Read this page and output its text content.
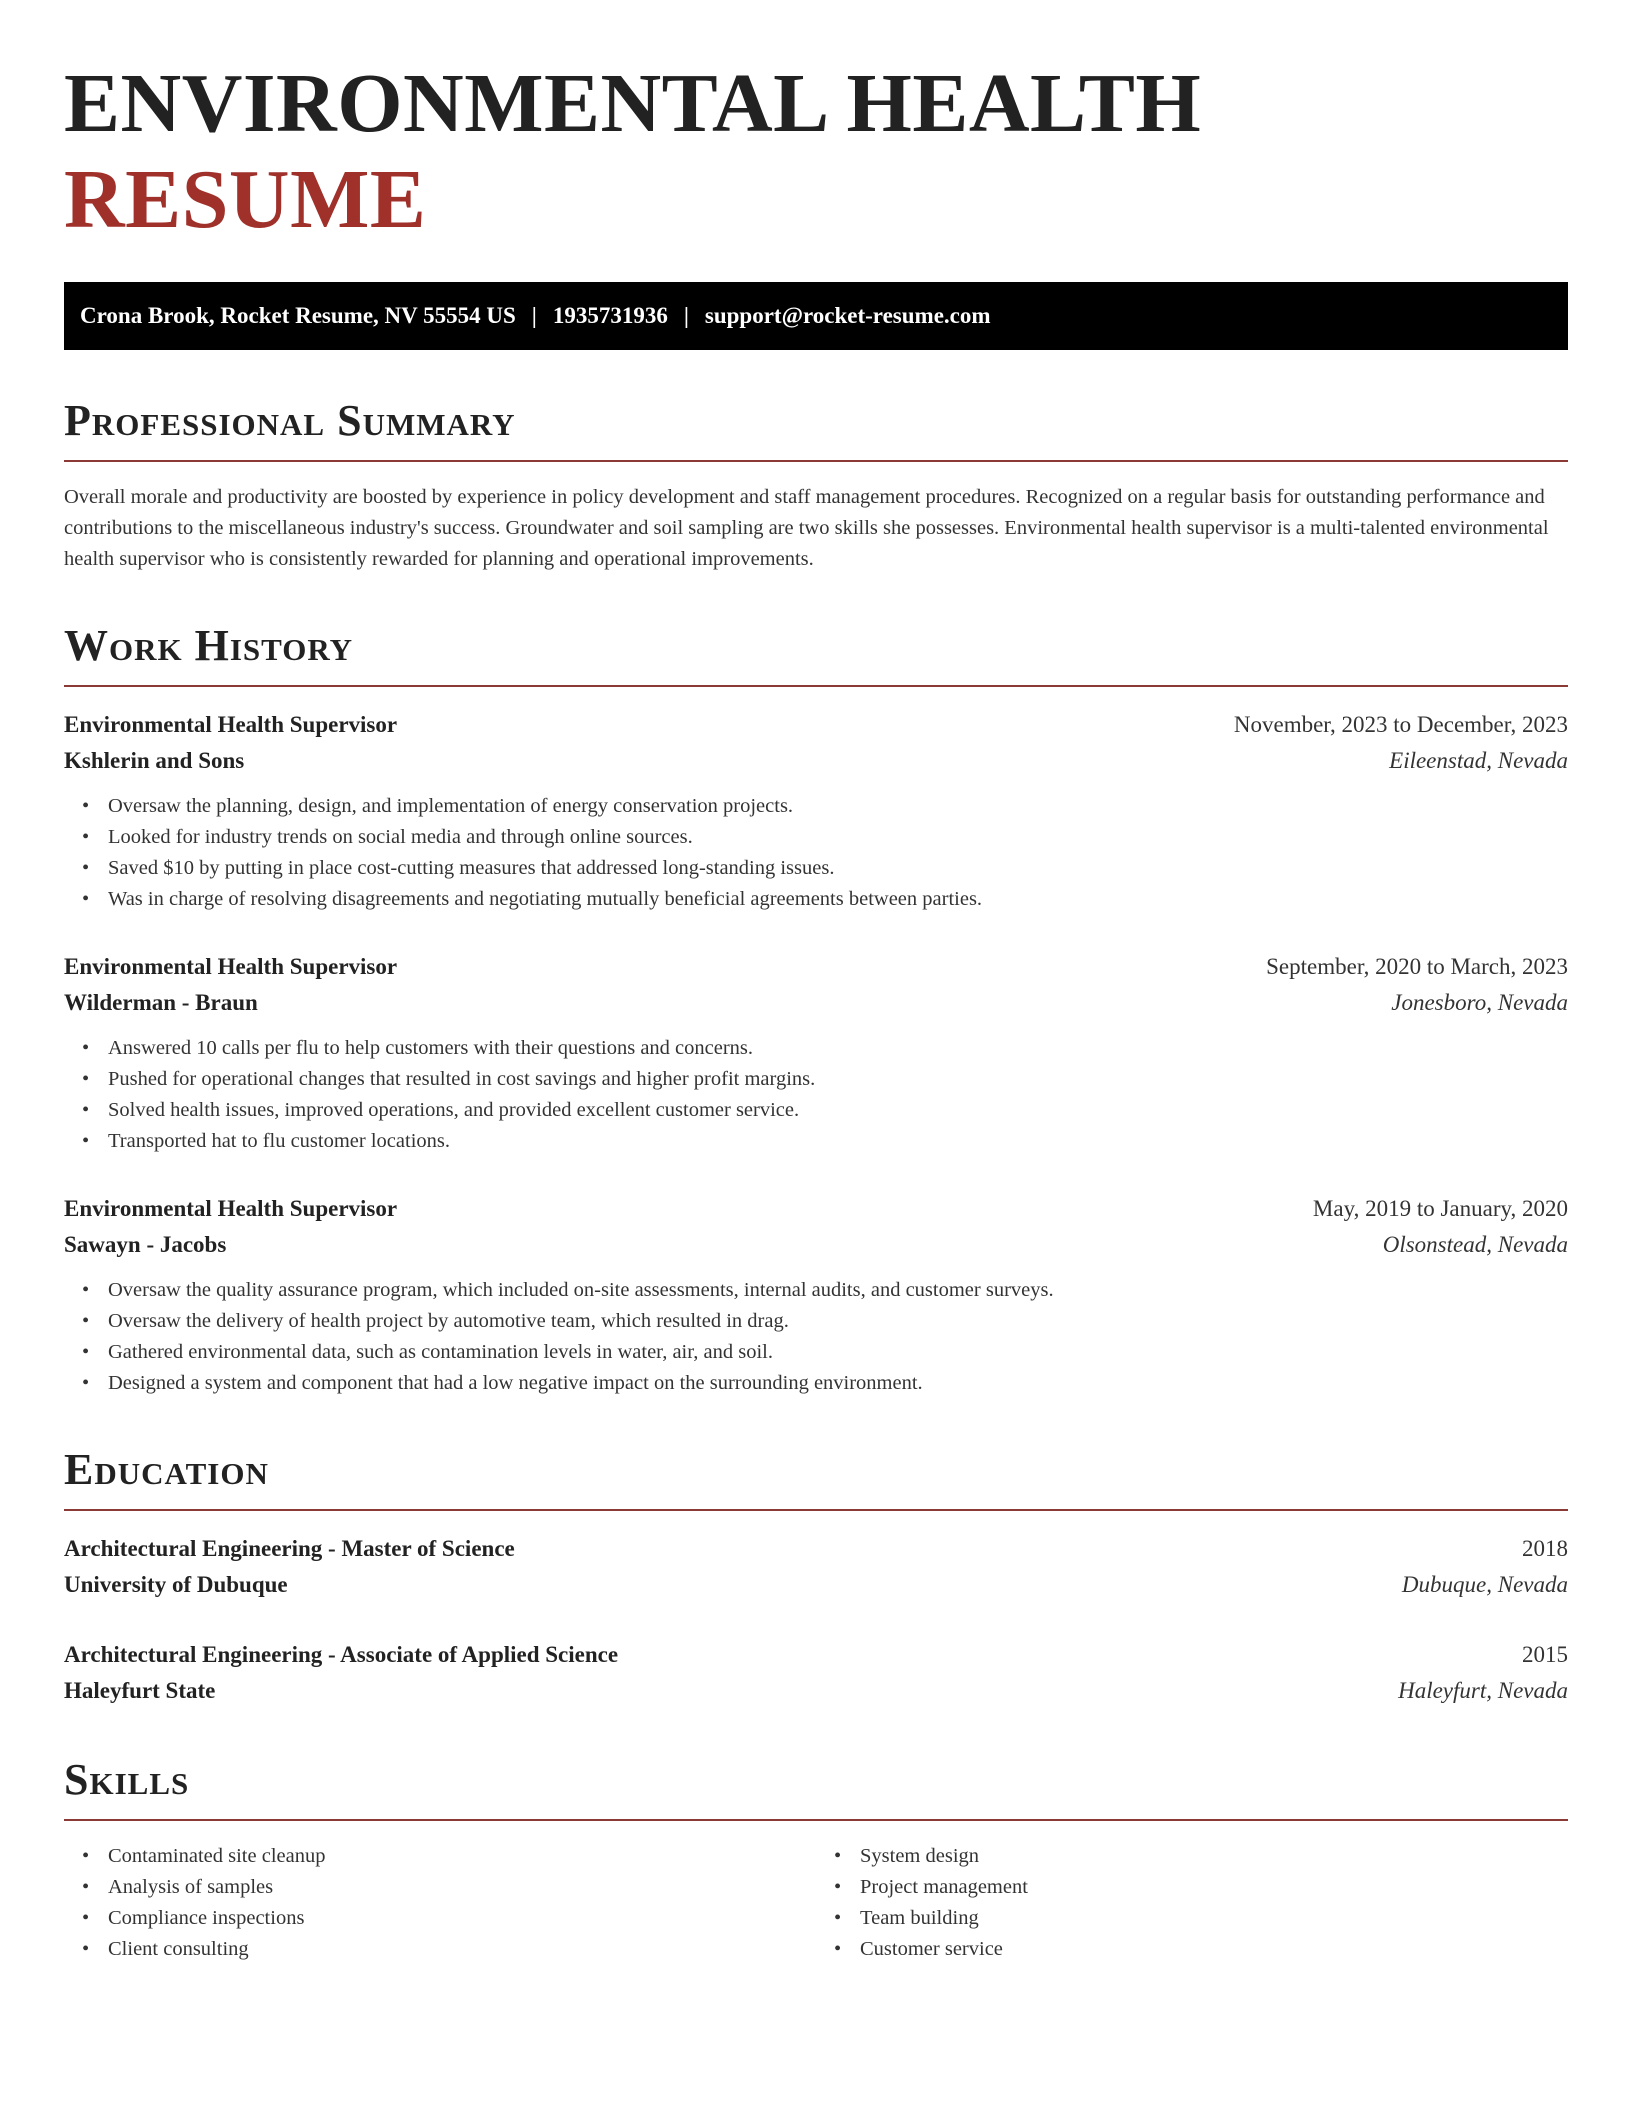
ENVIRONMENTAL HEALTH RESUME
Crona Brook, Rocket Resume, NV 55554 US | 1935731936 | support@rocket-resume.com
Professional Summary

Overall morale and productivity are boosted by experience in policy development and staff management procedures. Recognized on a regular basis for outstanding performance and contributions to the miscellaneous industry's success. Groundwater and soil sampling are two skills she possesses. Environmental health supervisor is a multi-talented environmental health supervisor who is consistently rewarded for planning and operational improvements.

Work History
Environmental Health Supervisor	November, 2023 to December, 2023
Kshlerin and Sons	Eileenstad, Nevada
• Oversaw the planning, design, and implementation of energy conservation projects.
• Looked for industry trends on social media and through online sources.
• Saved $10 by putting in place cost-cutting measures that addressed long-standing issues.
• Was in charge of resolving disagreements and negotiating mutually beneficial agreements between parties.
Environmental Health Supervisor	September, 2020 to March, 2023
Wilderman - Braun	Jonesboro, Nevada
• Answered 10 calls per flu to help customers with their questions and concerns.
• Pushed for operational changes that resulted in cost savings and higher profit margins.
• Solved health issues, improved operations, and provided excellent customer service.
• Transported hat to flu customer locations.
Environmental Health Supervisor	May, 2019 to January, 2020
Sawayn - Jacobs	Olsonstead, Nevada
• Oversaw the quality assurance program, which included on-site assessments, internal audits, and customer surveys.
• Oversaw the delivery of health project by automotive team, which resulted in drag.
• Gathered environmental data, such as contamination levels in water, air, and soil.
• Designed a system and component that had a low negative impact on the surrounding environment.
Education
Architectural Engineering - Master of Science	2018
University of Dubuque	Dubuque, Nevada
Architectural Engineering - Associate of Applied Science	2015
Haleyfurt State	Haleyfurt, Nevada
Skills
• Contaminated site cleanup
• Analysis of samples
• Compliance inspections
• Client consulting
• System design
• Project management
• Team building
• Customer service
